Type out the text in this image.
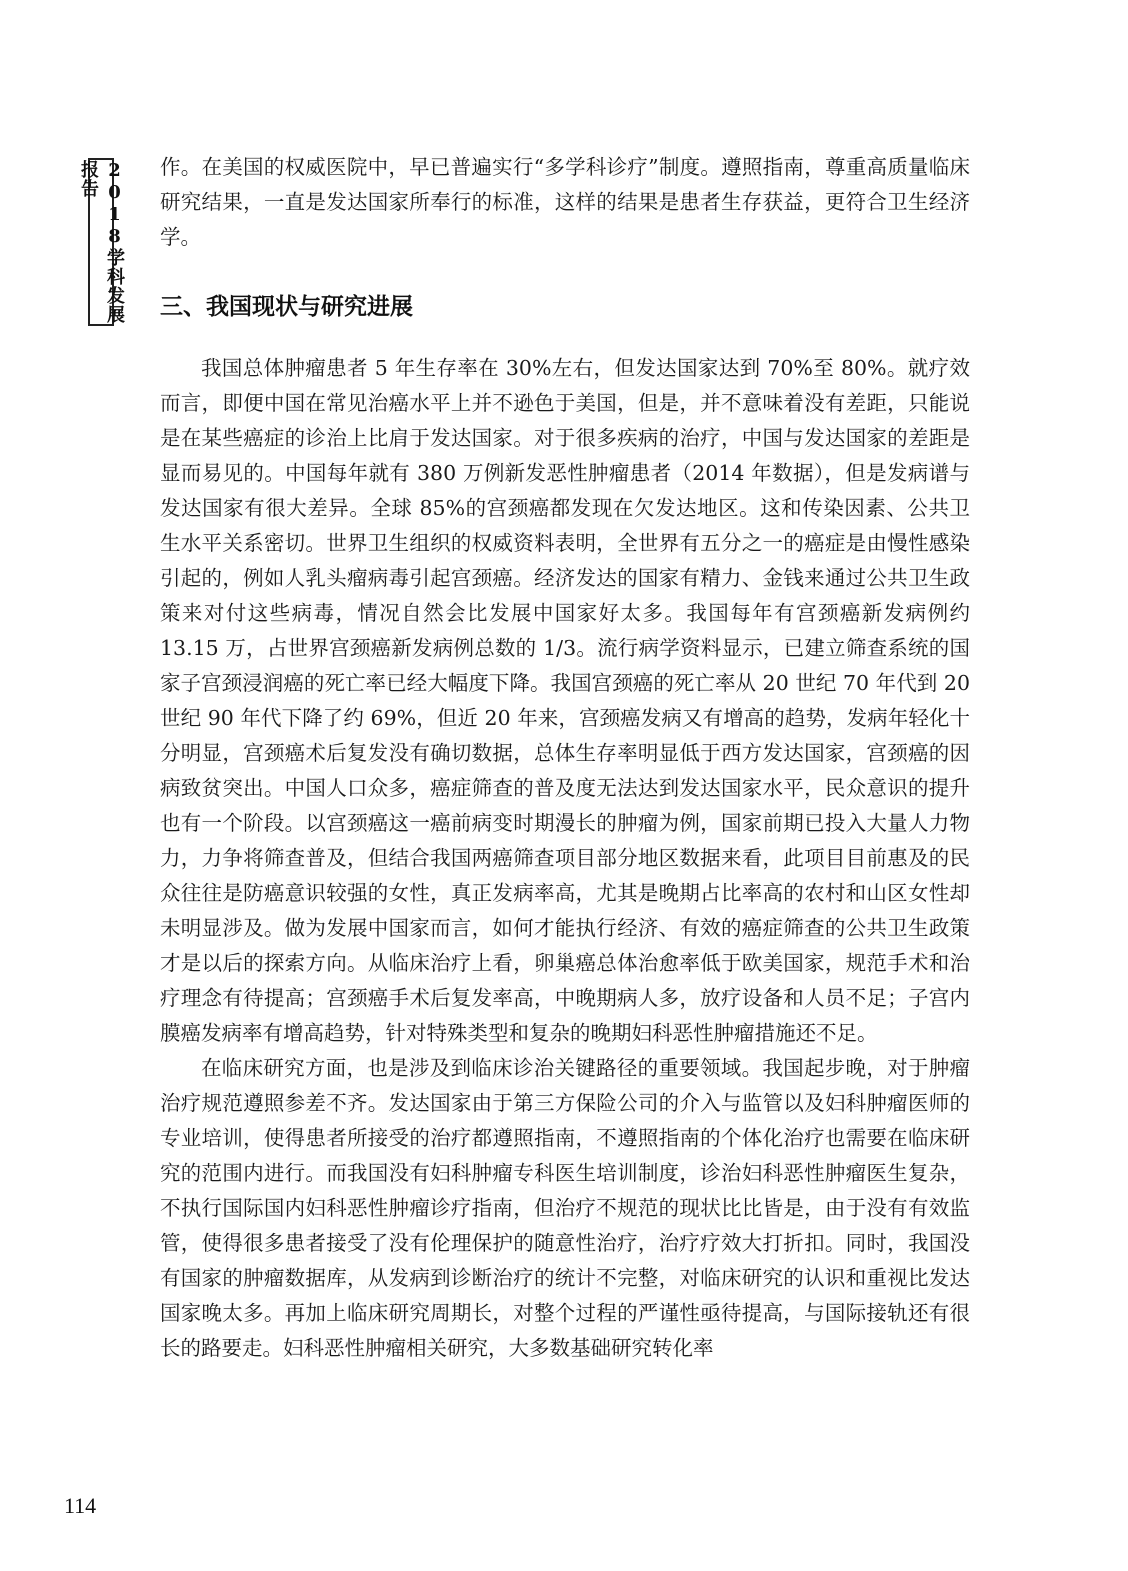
2018学科发展报告	作。在美国的权威医院中，早已普遍实行“多学科诊疗”制度。遵照指南，尊重高质量临床研究结果，一直是发达国家所奉行的标准，这样的结果是患者生存获益，更符合卫生经济学。

三、我国现状与研究进展

我国总体肿瘤患者 5 年生存率在 30%左右，但发达国家达到 70%至 80%。就疗效而言，即便中国在常见治癌水平上并不逊色于美国，但是，并不意味着没有差距，只能说是在某些癌症的诊治上比肩于发达国家。对于很多疾病的治疗，中国与发达国家的差距是显而易见的。中国每年就有 380 万例新发恶性肿瘤患者（2014 年数据），但是发病谱与发达国家有很大差异。全球 85%的宫颈癌都发现在欠发达地区。这和传染因素、公共卫生水平关系密切。世界卫生组织的权威资料表明，全世界有五分之一的癌症是由慢性感染引起的，例如人乳头瘤病毒引起宫颈癌。经济发达的国家有精力、金钱来通过公共卫生政策来对付这些病毒，情况自然会比发展中国家好太多。我国每年有宫颈癌新发病例约 13.15 万，占世界宫颈癌新发病例总数的 1/3。流行病学资料显示，已建立筛查系统的国家子宫颈浸润癌的死亡率已经大幅度下降。我国宫颈癌的死亡率从 20 世纪 70 年代到 20 世纪 90 年代下降了约 69%，但近 20 年来，宫颈癌发病又有增高的趋势，发病年轻化十分明显，宫颈癌术后复发没有确切数据，总体生存率明显低于西方发达国家，宫颈癌的因病致贫突出。中国人口众多，癌症筛查的普及度无法达到发达国家水平，民众意识的提升也有一个阶段。以宫颈癌这一癌前病变时期漫长的肿瘤为例，国家前期已投入大量人力物力，力争将筛查普及，但结合我国两癌筛查项目部分地区数据来看，此项目目前惠及的民众往往是防癌意识较强的女性，真正发病率高，尤其是晚期占比率高的农村和山区女性却未明显涉及。做为发展中国家而言，如何才能执行经济、有效的癌症筛查的公共卫生政策才是以后的探索方向。从临床治疗上看，卵巢癌总体治愈率低于欧美国家，规范手术和治疗理念有待提高；宫颈癌手术后复发率高，中晚期病人多，放疗设备和人员不足；子宫内膜癌发病率有增高趋势，针对特殊类型和复杂的晚期妇科恶性肿瘤措施还不足。

在临床研究方面，也是涉及到临床诊治关键路径的重要领域。我国起步晚，对于肿瘤治疗规范遵照参差不齐。发达国家由于第三方保险公司的介入与监管以及妇科肿瘤医师的专业培训，使得患者所接受的治疗都遵照指南，不遵照指南的个体化治疗也需要在临床研究的范围内进行。而我国没有妇科肿瘤专科医生培训制度，诊治妇科恶性肿瘤医生复杂，不执行国际国内妇科恶性肿瘤诊疗指南，但治疗不规范的现状比比皆是，由于没有有效监管，使得很多患者接受了没有伦理保护的随意性治疗，治疗疗效大打折扣。同时，我国没有国家的肿瘤数据库，从发病到诊断治疗的统计不完整，对临床研究的认识和重视比发达国家晚太多。再加上临床研究周期长，对整个过程的严谨性亟待提高，与国际接轨还有很长的路要走。妇科恶性肿瘤相关研究，大多数基础研究转化率

114
